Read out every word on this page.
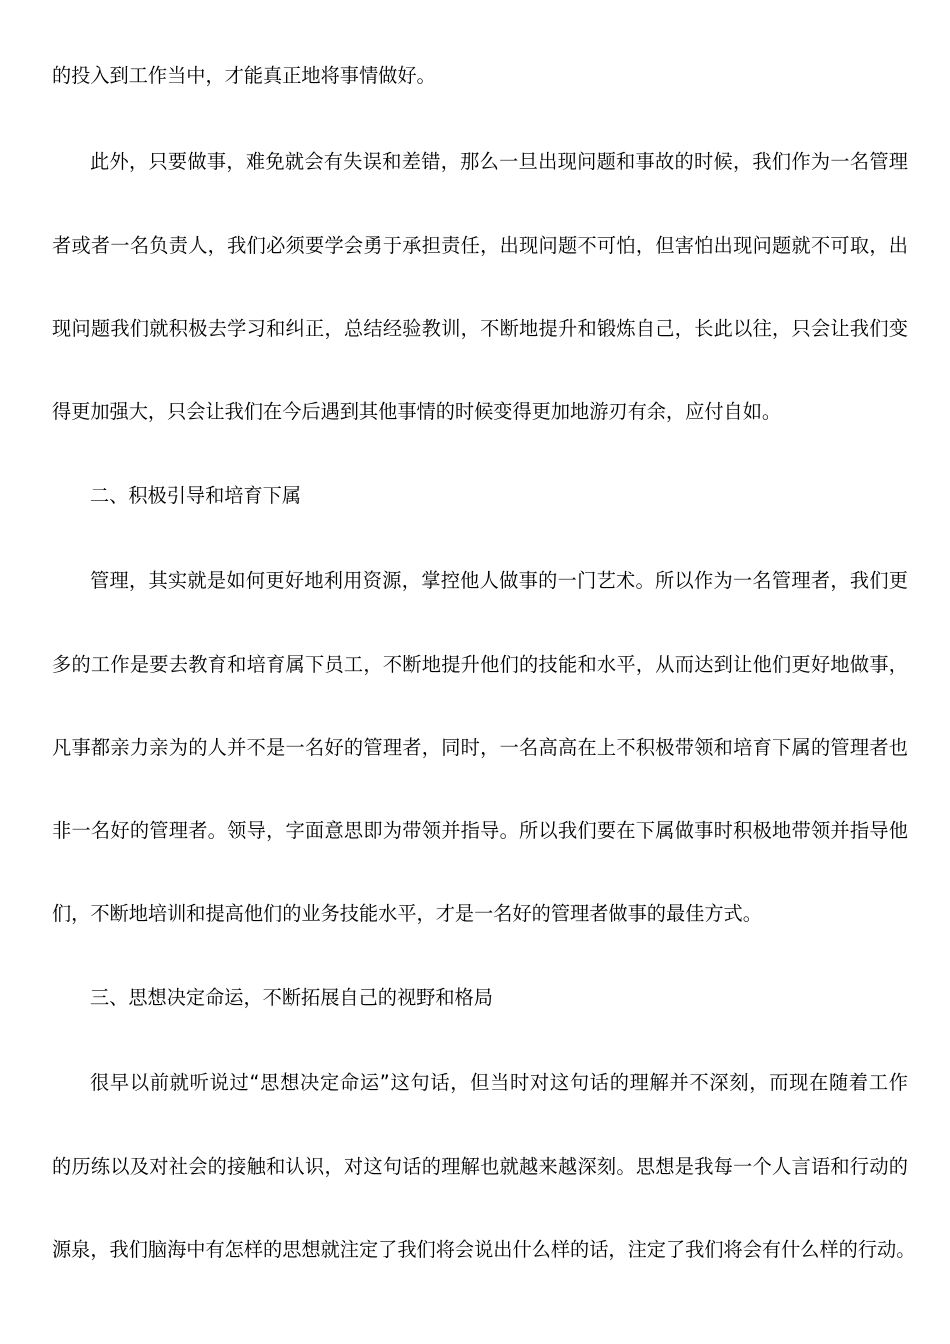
的投入到工作当中，才能真正地将事情做好。
此外，只要做事，难免就会有失误和差错，那么一旦出现问题和事故的时候，我们作为一名管理
者或者一名负责人，我们必须要学会勇于承担责任，出现问题不可怕，但害怕出现问题就不可取，出
现问题我们就积极去学习和纠正，总结经验教训，不断地提升和锻炼自己，长此以往，只会让我们变
得更加强大，只会让我们在今后遇到其他事情的时候变得更加地游刃有余，应付自如。
二、积极引导和培育下属
管理，其实就是如何更好地利用资源，掌控他人做事的一门艺术。所以作为一名管理者，我们更
多的工作是要去教育和培育属下员工，不断地提升他们的技能和水平，从而达到让他们更好地做事，
凡事都亲力亲为的人并不是一名好的管理者，同时，一名高高在上不积极带领和培育下属的管理者也
非一名好的管理者。领导，字面意思即为带领并指导。所以我们要在下属做事时积极地带领并指导他
们，不断地培训和提高他们的业务技能水平，才是一名好的管理者做事的最佳方式。
三、思想决定命运，不断拓展自己的视野和格局
很早以前就听说过“思想决定命运”这句话，但当时对这句话的理解并不深刻，而现在随着工作
的历练以及对社会的接触和认识，对这句话的理解也就越来越深刻。思想是我每一个人言语和行动的
源泉，我们脑海中有怎样的思想就注定了我们将会说出什么样的话，注定了我们将会有什么样的行动。
